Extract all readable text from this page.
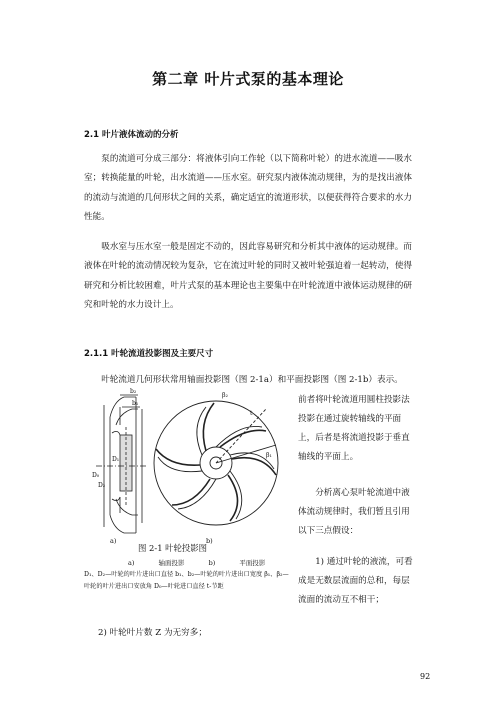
第二章 叶片式泵的基本理论
2.1 叶片液体流动的分析

泵的流道可分成三部分：将液体引向工作轮（以下简称叶轮）的进水流道——吸水室；转换能量的叶轮，出水流道——压水室。研究泵内液体流动规律，为的是找出液体的流动与流道的几何形状之间的关系，确定适宜的流道形状，以便获得符合要求的水力性能。

吸水室与压水室一般是固定不动的，因此容易研究和分析其中液体的运动规律。而液体在叶轮的流动情况较为复杂，它在流过叶轮的同时又被叶轮强迫着一起转动，使得研究和分析比较困难，叶片式泵的基本理论也主要集中在叶轮流道中液体运动规律的研究和叶轮的水力设计上。

2.1.1 叶轮流道投影图及主要尺寸

叶轮流道几何形状常用轴面投影图（图 2-1a）和平面投影图（图 2-1b）表示。

前者将叶轮流道用圆柱投影法投影在通过旋转轴线的平面上，后者是将流道投影于垂直轴线的平面上。

分析离心泵叶轮流道中液体流动规律时，我们暂且引用以下三点假设：

1) 通过叶轮的液流，可看成是无数层流面的总和，每层流面的流动互不相干；

b₂
b₁
D₀
D₂
D₁
β₂
β₁
t
a)	b)
图 2-1 叶轮投影图
a) 轴面投影	b) 平面投影
D₁、D₂—叶轮的叶片进出口直径 b₁、b₂—叶轮的叶片进出口宽度 β₁、β₂—叶轮的叶片进出口安放角 D₀—叶轮进口直径 t-节距
2) 叶轮叶片数 Z 为无穷多；
92
